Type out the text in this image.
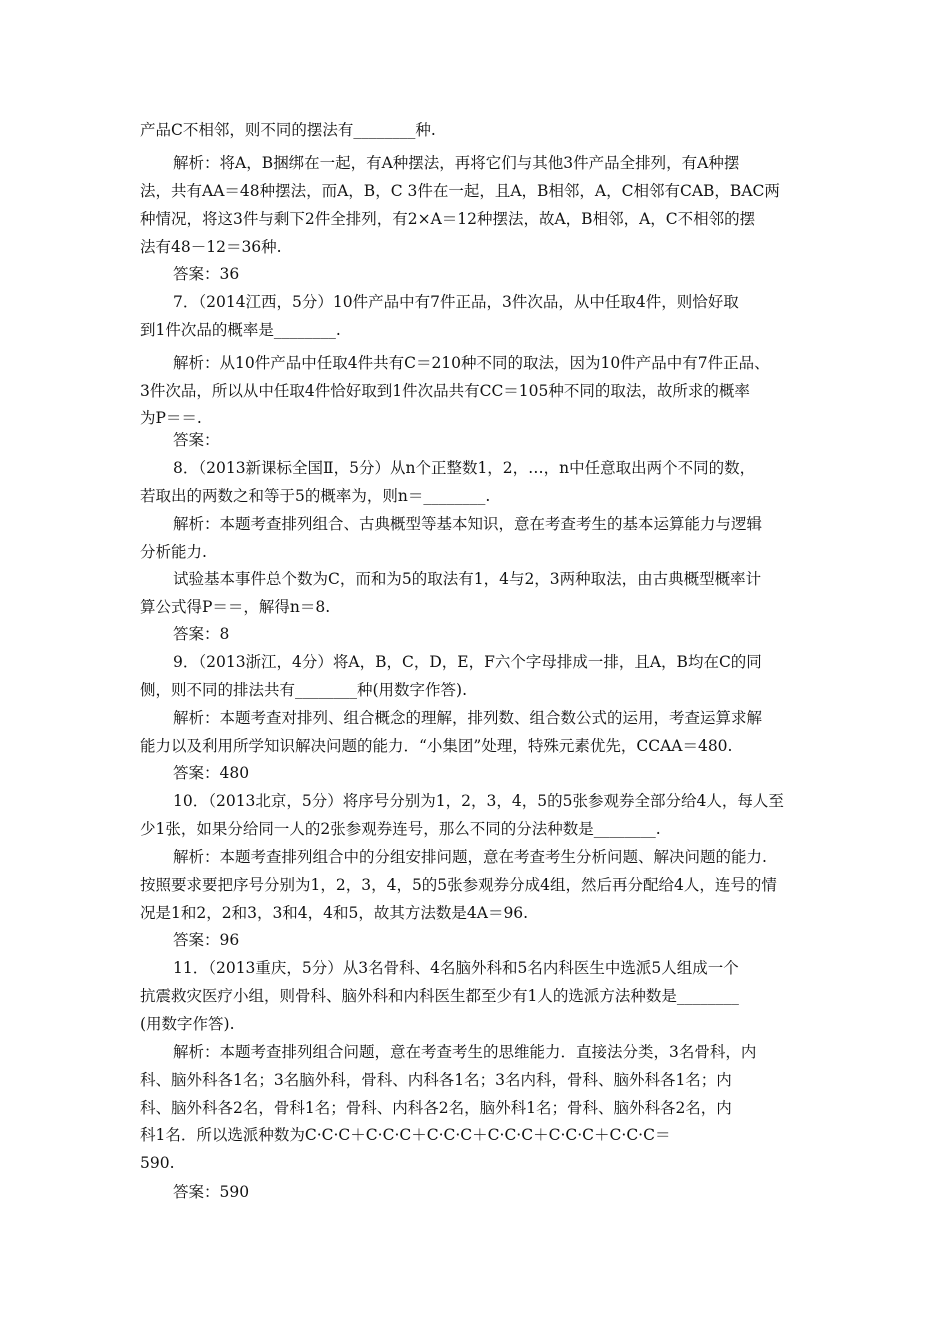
产品C不相邻，则不同的摆法有________种.
解析：将A，B捆绑在一起，有A种摆法，再将它们与其他3件产品全排列，有A种摆
法，共有AA＝48种摆法，而A，B，C 3件在一起，且A，B相邻，A，C相邻有CAB，BAC两
种情况，将这3件与剩下2件全排列，有2×A＝12种摆法，故A，B相邻，A，C不相邻的摆
法有48－12＝36种.
答案：36
7．（2014江西，5分）10件产品中有7件正品，3件次品，从中任取4件，则恰好取
到1件次品的概率是________.
解析：从10件产品中任取4件共有C＝210种不同的取法，因为10件产品中有7件正品、
3件次品，所以从中任取4件恰好取到1件次品共有CC＝105种不同的取法，故所求的概率
为P＝＝.
答案：
8．（2013新课标全国Ⅱ，5分）从n个正整数1，2，…，n中任意取出两个不同的数，
若取出的两数之和等于5的概率为，则n＝________.
解析：本题考查排列组合、古典概型等基本知识，意在考查考生的基本运算能力与逻辑
分析能力.
试验基本事件总个数为C，而和为5的取法有1，4与2，3两种取法，由古典概型概率计
算公式得P＝＝，解得n＝8.
答案：8
9．（2013浙江，4分）将A，B，C，D，E，F六个字母排成一排，且A，B均在C的同
侧，则不同的排法共有________种(用数字作答).
解析：本题考查对排列、组合概念的理解，排列数、组合数公式的运用，考查运算求解
能力以及利用所学知识解决问题的能力．“小集团”处理，特殊元素优先，CCAA＝480.
答案：480
10．（2013北京，5分）将序号分别为1，2，3，4，5的5张参观券全部分给4人，每人至
少1张，如果分给同一人的2张参观券连号，那么不同的分法种数是________.
解析：本题考查排列组合中的分组安排问题，意在考查考生分析问题、解决问题的能力.
按照要求要把序号分别为1，2，3，4，5的5张参观券分成4组，然后再分配给4人，连号的情
况是1和2，2和3，3和4，4和5，故其方法数是4A＝96.
答案：96
11．（2013重庆，5分）从3名骨科、4名脑外科和5名内科医生中选派5人组成一个
抗震救灾医疗小组，则骨科、脑外科和内科医生都至少有1人的选派方法种数是________
(用数字作答).
解析：本题考查排列组合问题，意在考查考生的思维能力．直接法分类，3名骨科，内
科、脑外科各1名；3名脑外科，骨科、内科各1名；3名内科，骨科、脑外科各1名；内
科、脑外科各2名，骨科1名；骨科、内科各2名，脑外科1名；骨科、脑外科各2名，内
科1名．所以选派种数为C·C·C＋C·C·C＋C·C·C＋C·C·C＋C·C·C＋C·C·C＝
590.
答案：590
